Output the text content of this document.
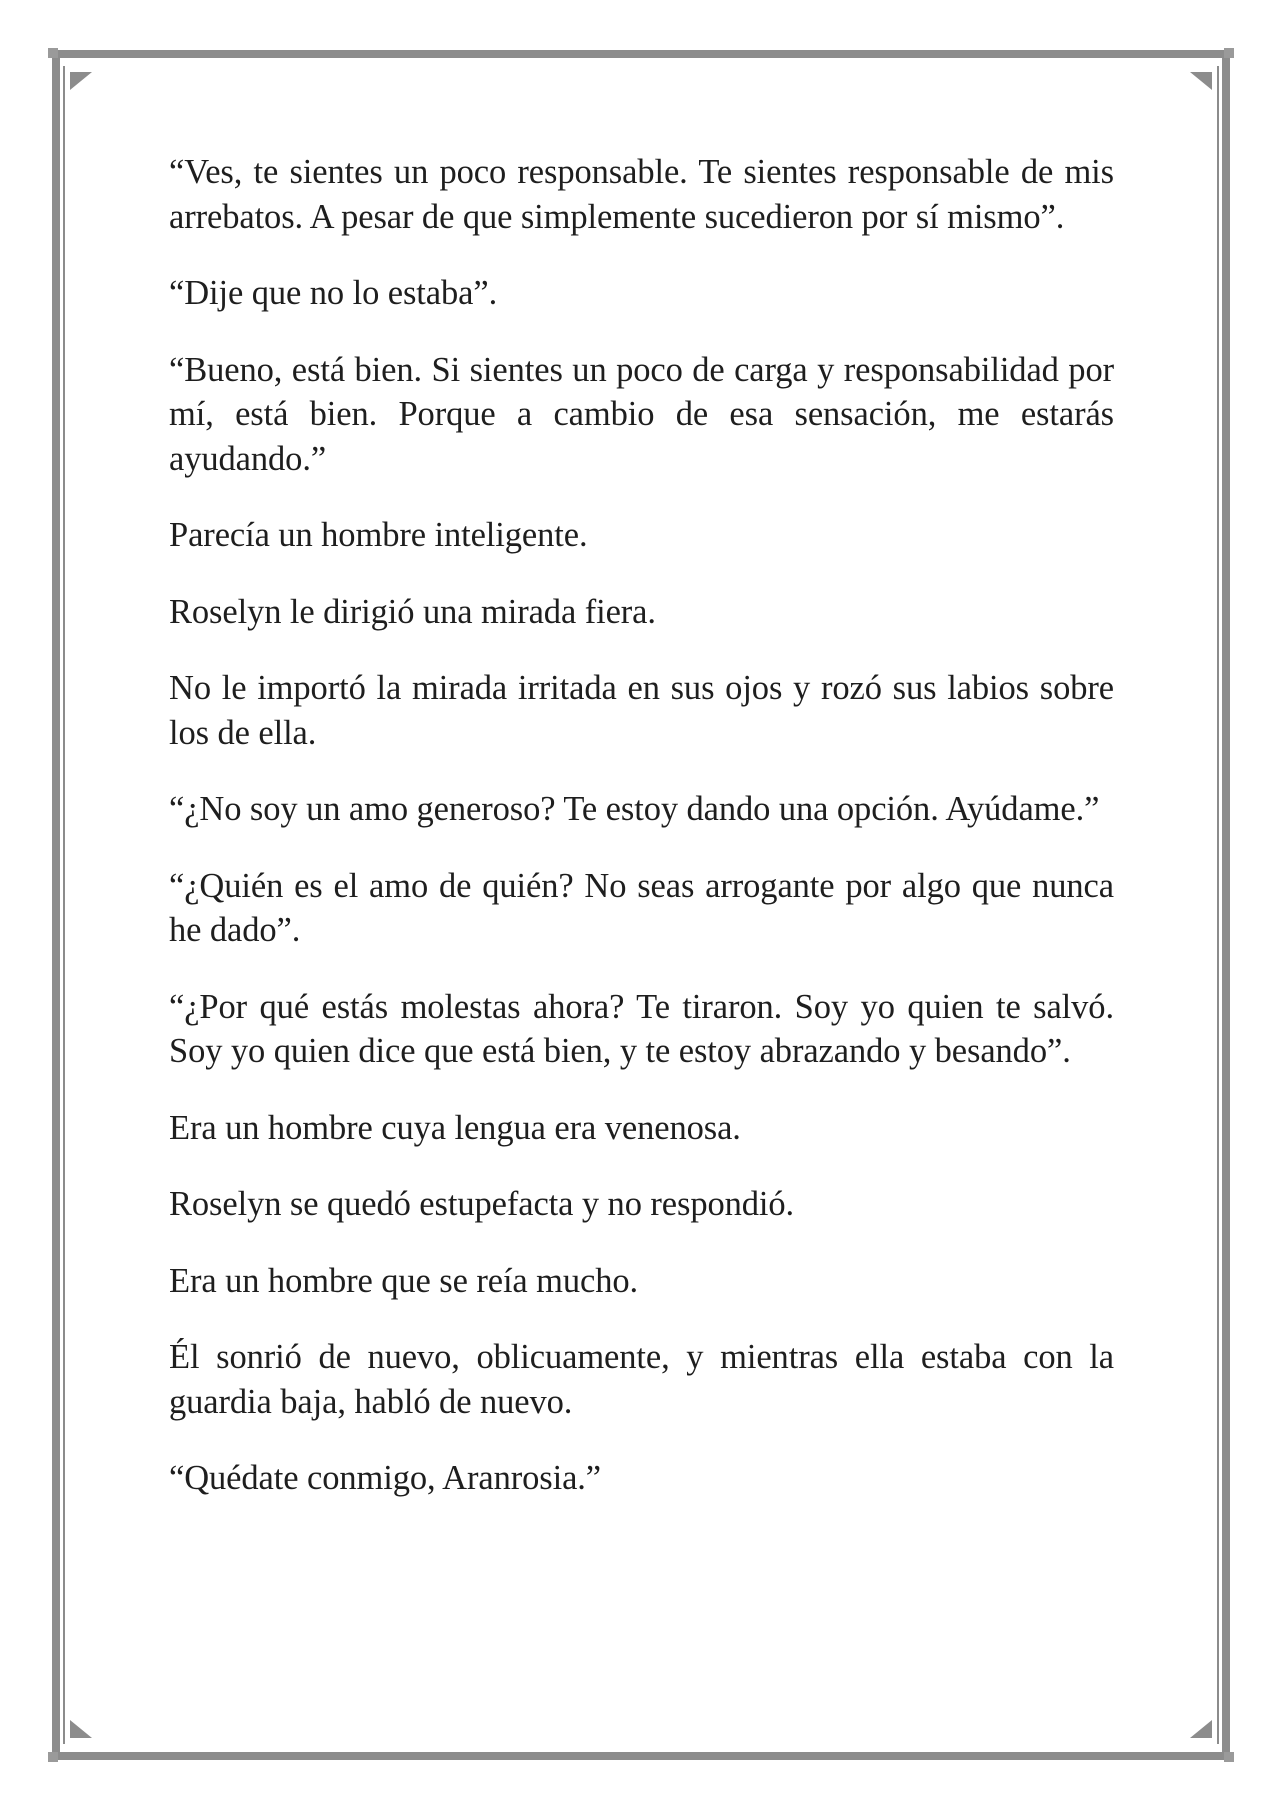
“Ves, te sientes un poco responsable. Te sientes responsable de mis arrebatos. A pesar de que simplemente sucedieron por sí mismo”.

“Dije que no lo estaba”.

“Bueno, está bien. Si sientes un poco de carga y responsabilidad por mí, está bien. Porque a cambio de esa sensación, me estarás ayudando.”

Parecía un hombre inteligente.

Roselyn le dirigió una mirada fiera.

No le importó la mirada irritada en sus ojos y rozó sus labios sobre los de ella.

“¿No soy un amo generoso? Te estoy dando una opción. Ayúdame.”

“¿Quién es el amo de quién? No seas arrogante por algo que nunca he dado”.

“¿Por qué estás molestas ahora? Te tiraron. Soy yo quien te salvó. Soy yo quien dice que está bien, y te estoy abrazando y besando”.

Era un hombre cuya lengua era venenosa.

Roselyn se quedó estupefacta y no respondió.

Era un hombre que se reía mucho.

Él sonrió de nuevo, oblicuamente, y mientras ella estaba con la guardia baja, habló de nuevo.

“Quédate conmigo, Aranrosia.”
